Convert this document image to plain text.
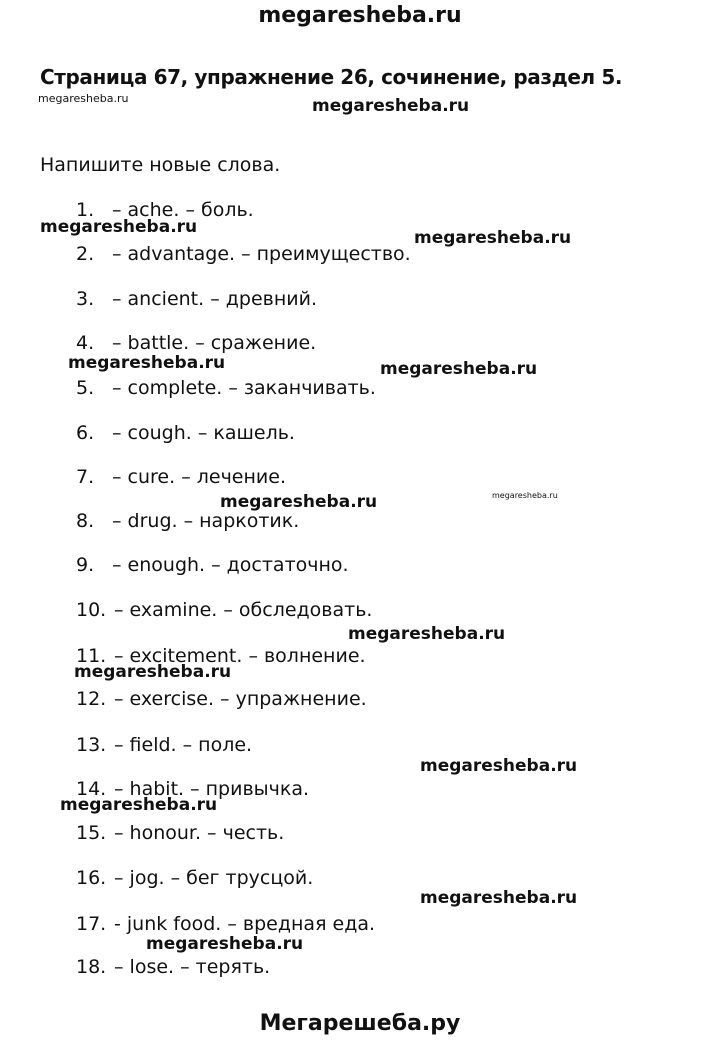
megaresheba.ru
Страница 67, упражнение 26, сочинение, раздел 5.
Напишите новые слова.
1. – ache. – боль.
2. – advantage. – преимущество.
3. – ancient. – древний.
4. – battle. – сражение.
5. – complete. – заканчивать.
6. – cough. – кашель.
7. – cure. – лечение.
8. – drug. – наркотик.
9. – enough. – достаточно.
10. – examine. – обследовать.
11. – excitement. – волнение.
12. – exercise. – упражнение.
13. – field. – поле.
14. – habit. – привычка.
15. – honour. – честь.
16. – jog. – бег трусцой.
17. - junk food. – вредная еда.
18. – lose. – терять.
megaresheba.ru	megaresheba.ru
megaresheba.ru
megaresheba.ru
megaresheba.ru	megaresheba.ru
megaresheba.ru
megaresheba.ru
megaresheba.ru
megaresheba.ru
megaresheba.ru
megaresheba.ru
megaresheba.ru
megaresheba.ru
Мегарешеба.ру
